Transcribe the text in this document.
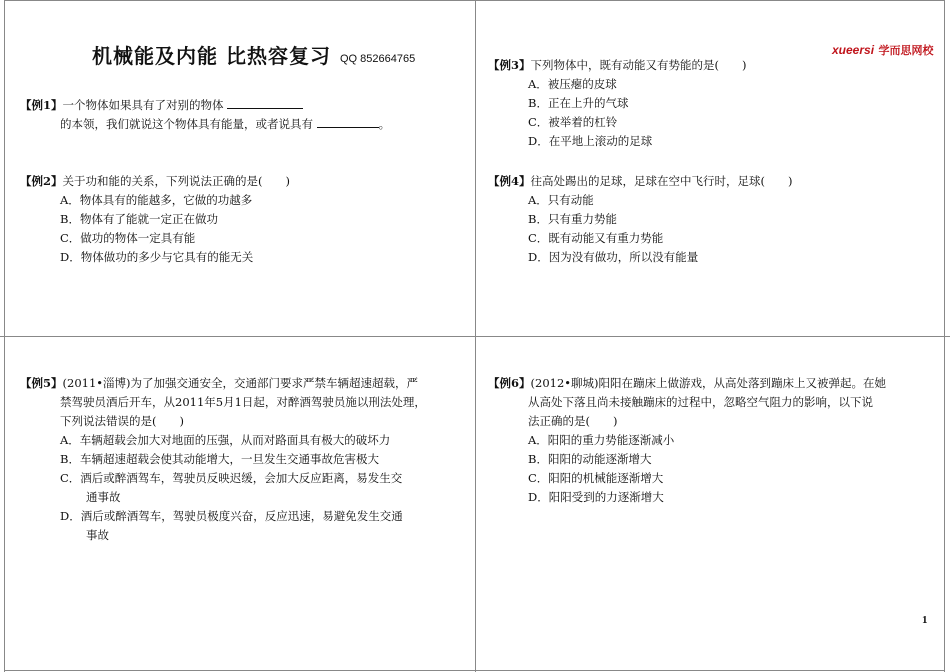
机械能及内能 比热容复习 QQ 852664765
xueersi 学而思网校
【例1】一个物体如果具有了对别的物体
的本领，我们就说这个物体具有能量，或者说具有	。
【例2】关于功和能的关系，下列说法正确的是(　　)
A．物体具有的能越多，它做的功越多
B．物体有了能就一定正在做功
C．做功的物体一定具有能
D．物体做功的多少与它具有的能无关
【例3】下列物体中，既有动能又有势能的是(　　)
A．被压瘪的皮球
B．正在上升的气球
C．被举着的杠铃
D．在平地上滚动的足球
【例4】往高处踢出的足球，足球在空中飞行时，足球(　　)
A．只有动能
B．只有重力势能
C．既有动能又有重力势能
D．因为没有做功，所以没有能量
【例5】(2011•淄博)为了加强交通安全，交通部门要求严禁车辆超速超载，严
禁驾驶员酒后开车，从2011年5月1日起，对醉酒驾驶员施以刑法处理，
下列说法错误的是(　　)
A．车辆超载会加大对地面的压强，从而对路面具有极大的破坏力
B．车辆超速超载会使其动能增大，一旦发生交通事故危害极大
C．酒后或醉酒驾车，驾驶员反映迟缓，会加大反应距离，易发生交
通事故
D．酒后或醉酒驾车，驾驶员极度兴奋，反应迅速，易避免发生交通
事故
【例6】(2012•聊城)阳阳在蹦床上做游戏，从高处落到蹦床上又被弹起。在她
从高处下落且尚未接触蹦床的过程中，忽略空气阻力的影响，以下说
法正确的是(　　)
A．阳阳的重力势能逐渐减小
B．阳阳的动能逐渐增大
C．阳阳的机械能逐渐增大
D．阳阳受到的力逐渐增大
1
